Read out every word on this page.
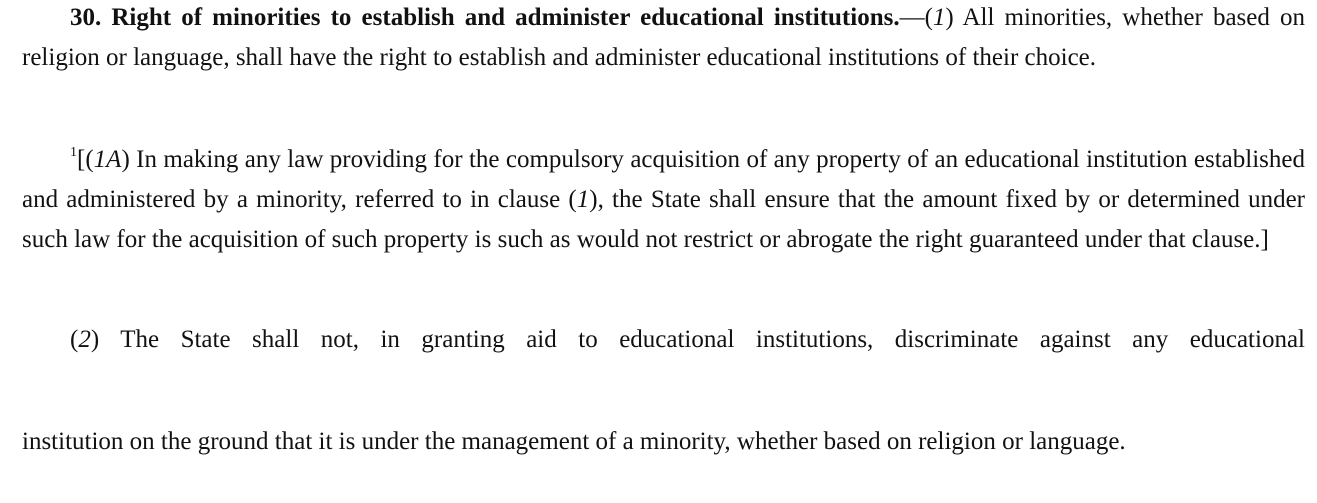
30. Right of minorities to establish and administer educational institutions.—(1) All minorities, whether based on religion or language, shall have the right to establish and administer educational institutions of their choice.

$^1$[(1A) In making any law providing for the compulsory acquisition of any property of an educational institution established and administered by a minority, referred to in clause (1), the State shall ensure that the amount fixed by or determined under such law for the acquisition of such property is such as would not restrict or abrogate the right guaranteed under that clause.]

(2) The State shall not, in granting aid to educational institutions, discriminate against any educational

institution on the ground that it is under the management of a minority, whether based on religion or language.
